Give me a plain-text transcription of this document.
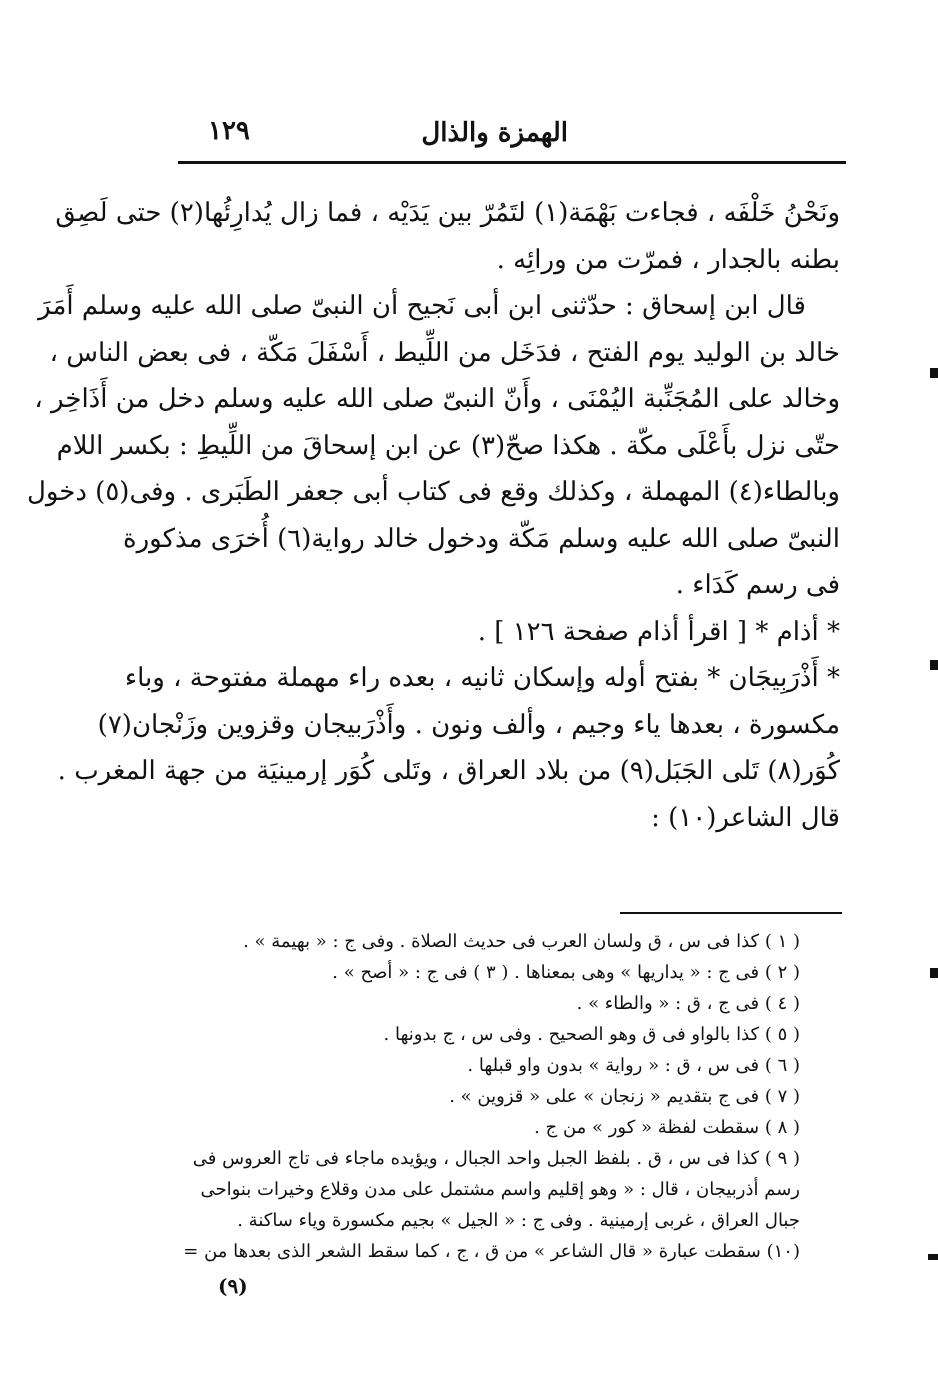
الهمزة والذال
١٢٩
ونَحْنُ خَلْفَه ، فجاءت بَهْمَة(١) لتَمُرّ بين يَدَيْه ، فما زال يُدارِئُها(٢) حتى لَصِق
بطنه بالجدار ، فمرّت من ورائِه .
قال ابن إسحاق : حدّثنى ابن أبى نَجيح أن النبىّ صلى الله عليه وسلم أَمَرَ
خالد بن الوليد يوم الفتح ، فدَخَل من اللِّيط ، أَسْفَلَ مَكّة ، فى بعض الناس ،
وخالد على المُجَنِّبة اليُمْنَى ، وأَنّ النبىّ صلى الله عليه وسلم دخل من أَذَاخِر ،
حتّى نزل بأَعْلَى مكّة . هكذا صحّ(٣) عن ابن إسحاقَ من اللِّيطِ : بكسر اللام
وبالطاء(٤) المهملة ، وكذلك وقع فى كتاب أبى جعفر الطَبَرى . وفى(٥) دخول
النبىّ صلى الله عليه وسلم مَكّة ودخول خالد رواية(٦) أُخرَى مذكورة
فى رسم كَدَاء .
* أذام * [ اقرأ أذام صفحة ١٢٦ ] .
* أَذْرَبِيجَان * بفتح أوله وإسكان ثانيه ، بعده راء مهملة مفتوحة ، وباء
مكسورة ، بعدها ياء وجيم ، وألف ونون . وأَذْرَبيجان وقزوين وزَنْجان(٧)
كُوَر(٨) تَلى الجَبَل(٩) من بلاد العراق ، وتَلى كُوَر إرمينيَة من جهة المغرب .
قال الشاعر(١٠) :
( ١ ) كذا فى س ، ق ولسان العرب فى حديث الصلاة . وفى ج : « بهيمة » .
( ٢ ) فى ج : « يداريها » وهى بمعناها . ( ٣ ) فى ج : « أصح » .
( ٤ ) فى ج ، ق : « والطاء » .
( ٥ ) كذا بالواو فى ق وهو الصحيح . وفى س ، ج بدونها .
( ٦ ) فى س ، ق : « رواية » بدون واو قبلها .
( ٧ ) فى ج بتقديم « زنجان » على « قزوين » .
( ٨ ) سقطت لفظة « كور » من ج .
( ٩ ) كذا فى س ، ق . بلفظ الجبل واحد الجبال ، ويؤيده ماجاء فى تاج العروس فى
رسم أذربيجان ، قال : « وهو إقليم واسم مشتمل على مدن وقلاع وخيرات بنواحى
جبال العراق ، غربى إرمينية . وفى ج : « الجيل » بجيم مكسورة وياء ساكنة .
(١٠) سقطت عبارة « قال الشاعر » من ق ، ج ، كما سقط الشعر الذى بعدها من =
(٩)
